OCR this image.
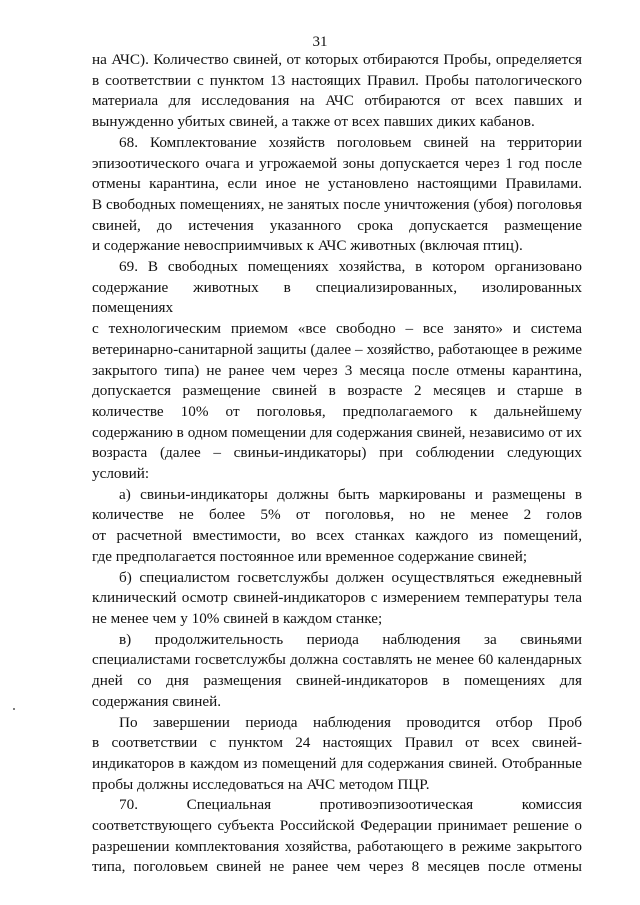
31

на АЧС). Количество свиней, от которых отбираются Пробы, определяется

в соответствии с пунктом 13 настоящих Правил. Пробы патологического

материала для исследования на АЧС отбираются от всех павших и

вынужденно убитых свиней, а также от всех павших диких кабанов.

68. Комплектование хозяйств поголовьем свиней на территории

эпизоотического очага и угрожаемой зоны допускается через 1 год после

отмены карантина, если иное не установлено настоящими Правилами.

В свободных помещениях, не занятых после уничтожения (убоя) поголовья

свиней, до истечения указанного срока допускается размещение

и содержание невосприимчивых к АЧС животных (включая птиц).

69. В свободных помещениях хозяйства, в котором организовано

содержание животных в специализированных, изолированных помещениях

с технологическим приемом «все свободно – все занято» и система

ветеринарно-санитарной защиты (далее – хозяйство, работающее в режиме

закрытого типа) не ранее чем через 3 месяца после отмены карантина,

допускается размещение свиней в возрасте 2 месяцев и старше в

количестве 10% от поголовья, предполагаемого к дальнейшему

содержанию в одном помещении для содержания свиней, независимо от их

возраста (далее – свиньи-индикаторы) при соблюдении следующих

условий:

а) свиньи-индикаторы должны быть маркированы и размещены в

количестве не более 5% от поголовья, но не менее 2 голов

от расчетной вместимости, во всех станках каждого из помещений,

где предполагается постоянное или временное содержание свиней;

б) специалистом госветслужбы должен осуществляться ежедневный

клинический осмотр свиней-индикаторов с измерением температуры тела

не менее чем у 10% свиней в каждом станке;

в) продолжительность периода наблюдения за свиньями

специалистами госветслужбы должна составлять не менее 60 календарных

дней со дня размещения свиней-индикаторов в помещениях для

содержания свиней.

По завершении периода наблюдения проводится отбор Проб

в соответствии с пунктом 24 настоящих Правил от всех свиней-

индикаторов в каждом из помещений для содержания свиней. Отобранные

пробы должны исследоваться на АЧС методом ПЦР.

70. Специальная противоэпизоотическая комиссия

соответствующего субъекта Российской Федерации принимает решение о

разрешении комплектования хозяйства, работающего в режиме закрытого

типа, поголовьем свиней не ранее чем через 8 месяцев после отмены
